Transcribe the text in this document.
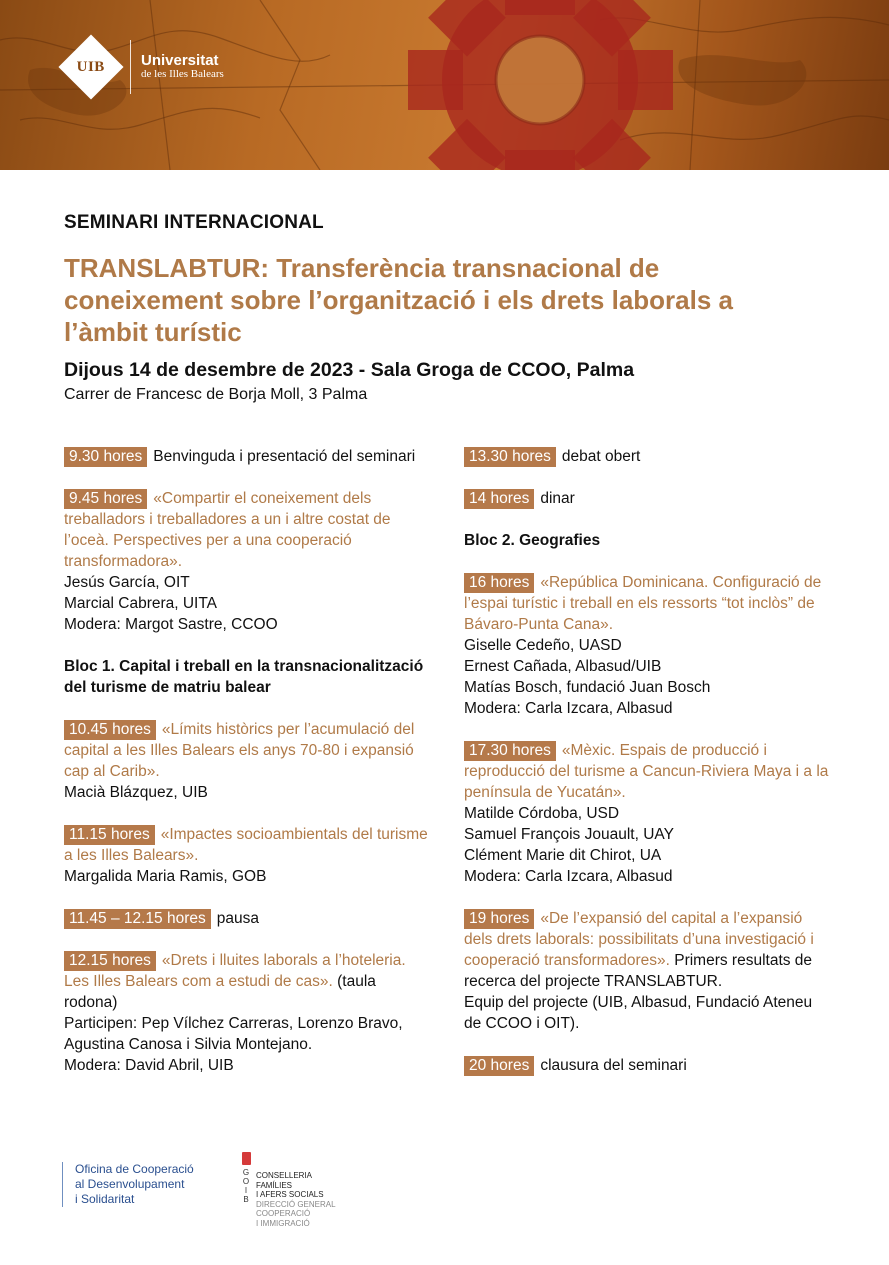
UIB Universitat
de les Illes Balears
SEMINARI INTERNACIONAL
TRANSLABTUR: Transferència transnacional de coneixement sobre l’organització i els drets laborals a l’àmbit turístic
Dijous 14 de desembre de 2023 - Sala Groga de CCOO, Palma
Carrer de Francesc de Borja Moll, 3 Palma
9.30 hores Benvinguda i presentació del seminari
9.45 hores «Compartir el coneixement dels treballadors i treballadores a un i altre costat de l’oceà. Perspectives per a una cooperació transformadora».
Jesús García, OIT
Marcial Cabrera, UITA
Modera: Margot Sastre, CCOO
Bloc 1. Capital i treball en la transnacionalització del turisme de matriu balear
10.45 hores «Límits històrics per l’acumulació del capital a les Illes Balears els anys 70-80 i expansió cap al Carib».
Macià Blázquez, UIB
11.15 hores «Impactes socioambientals del turisme a les Illes Balears».
Margalida Maria Ramis, GOB
11.45 – 12.15 hores pausa
12.15 hores «Drets i lluites laborals a l’hoteleria. Les Illes Balears com a estudi de cas». (taula rodona)
Participen: Pep Vílchez Carreras, Lorenzo Bravo, Agustina Canosa i Silvia Montejano.
Modera: David Abril, UIB
13.30 hores debat obert
14 hores dinar
Bloc 2. Geografies
16 hores «República Dominicana. Configuració de l’espai turístic i treball en els ressorts “tot inclòs” de Bávaro-Punta Cana».
Giselle Cedeño, UASD
Ernest Cañada, Albasud/UIB
Matías Bosch, fundació Juan Bosch
Modera: Carla Izcara, Albasud
17.30 hores «Mèxic. Espais de producció i reproducció del turisme a Cancun-Riviera Maya i a la península de Yucatán».
Matilde Córdoba, USD
Samuel François Jouault, UAY
Clément Marie dit Chirot, UA
Modera: Carla Izcara, Albasud
19 hores «De l’expansió del capital a l’expansió dels drets laborals: possibilitats d’una investigació i cooperació transformadores». Primers resultats de recerca del projecte TRANSLABTUR.
Equip del projecte (UIB, Albasud, Fundació Ateneu de CCOO i OIT).
20 hores clausura del seminari
Oficina de Cooperació
al Desenvolupament
i Solidaritat
G
O
I
B
CONSELLERIA
FAMÍLIES
I AFERS SOCIALS
DIRECCIÓ GENERAL
COOPERACIÓ
I IMMIGRACIÓ
